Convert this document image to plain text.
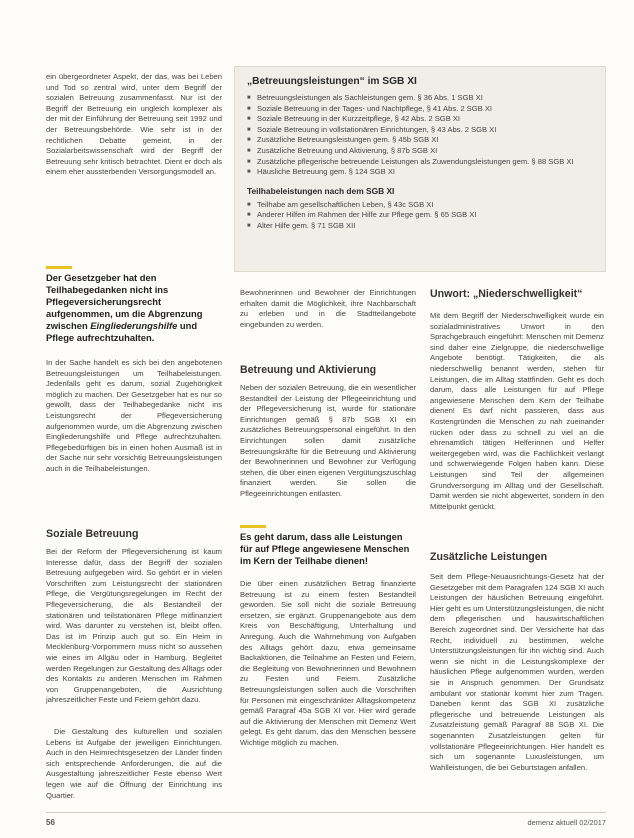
ein übergeordneter Aspekt, der das, was bei Leben und Tod so zentral wird, unter dem Begriff der sozialen Betreuung zusammenfasst. Nur ist der Begriff der Betreuung ein ungleich komplexer als der mit der Einführung der Betreuung seit 1992 und der Betreuungsbehörde. Wie sehr ist in der rechtlichen Debatte gemeint, in der Sozialarbeitswissenschaft wird der Begriff der Betreuung sehr kritisch betrachtet. Dient er doch als einem eher aussterbenden Versorgungsmodell an.

Der Gesetzgeber hat den Teilhabegedanken nicht ins Pflegeversicherungsrecht aufgenommen, um die Abgrenzung zwischen Eingliederungshilfe und Pflege aufrechtzuhalten.

In der Sache handelt es sich bei den angebotenen Betreuungsleistungen um Teilhabeleistungen. Jedenfalls geht es darum, sozial Zugehörigkeit möglich zu machen. Der Gesetzgeber hat es nur so gewollt, dass der Teilhabegedanke nicht ins Leistungsrecht der Pflegeversicherung aufgenommen wurde, um die Abgrenzung zwischen Eingliederungshilfe und Pflege aufrechtzuhalten. Pflegebedürftigen bis in einen hohen Ausmaß ist in der Sache nur sehr vorsichtig Betreuungsleistungen auch in die Teilhabeleistungen.

Soziale Betreuung

Bei der Reform der Pflegeversicherung ist kaum Interesse dafür, dass der Begriff der sozialen Betreuung aufgegeben wird. So gehört er in vielen Vorschriften zum Leistungsrecht der stationären Pflege, die Vergütungsregelungen im Recht der Pflegeversicherung, die als Bestandteil der stationären und teilstationären Pflege mitfinanziert wird. Was darunter zu verstehen ist, bleibt offen. Das ist im Prinzip auch gut so. Ein Heim in Mecklenburg-Vorpommern muss nicht so aussehen wie eines im Allgäu oder in Hamburg. Begleitet werden Regelungen zur Gestaltung des Alltags oder des Kontakts zu anderen Menschen im Rahmen von Gruppenangeboten, die Ausrichtung jahreszeitlicher Feste und Feiern gehört dazu.

Die Gestaltung des kulturellen und sozialen Lebens ist Aufgabe der jeweiligen Einrichtungen. Auch in den Heimrechtsgesetzen der Länder finden sich entsprechende Anforderungen, die auf die Ausgestaltung jahreszeitlicher Feste ebenso Wert legen wie auf die Öffnung der Einrichtung ins Quartier.

„Betreuungsleistungen“ im SGB XI
■ Betreuungsleistungen als Sachleistungen gem. § 36 Abs. 1 SGB XI
■ Soziale Betreuung in der Tages- und Nachtpflege, § 41 Abs. 2 SGB XI
■ Soziale Betreuung in der Kurzzeitpflege, § 42 Abs. 2 SGB XI
■ Soziale Betreuung in vollstationären Einrichtungen, § 43 Abs. 2 SGB XI
■ Zusätzliche Betreuungsleistungen gem. § 45b SGB XI
■ Zusätzliche Betreuung und Aktivierung, § 87b SGB XI
■ Zusätzliche pflegerische betreuende Leistungen als Zuwendungsleistungen gem. § 88 SGB XI
■ Häusliche Betreuung gem. § 124 SGB XI
Teilhabeleistungen nach dem SGB XI
■ Teilhabe am gesellschaftlichen Leben, § 43c SGB XI
■ Anderer Hilfen im Rahmen der Hilfe zur Pflege gem. § 65 SGB XI
■ Alter Hilfe gem. § 71 SGB XII

Bewohnerinnen und Bewohner der Einrichtungen erhalten damit die Möglichkeit, ihre Nachbarschaft zu erleben und in die Stadtteilangebote eingebunden zu werden.

Betreuung und Aktivierung

Neben der sozialen Betreuung, die ein wesentlicher Bestandteil der Leistung der Pflegeeinrichtung und der Pflegeversicherung ist, wurde für stationäre Einrichtungen gemäß § 87b SGB XI ein zusätzliches Betreuungspersonal eingeführt. In den Einrichtungen sollen damit zusätzliche Betreuungskräfte für die Betreuung und Aktivierung der Bewohnerinnen und Bewohner zur Verfügung stehen, die über einen eigenen Vergütungszuschlag finanziert werden. Sie sollen die Pflegeeinrichtungen entlasten.

Es geht darum, dass alle Leistungen für auf Pflege angewiesene Menschen im Kern der Teilhabe dienen!

Die über einen zusätzlichen Betrag finanzierte Betreuung ist zu einem festen Bestandteil geworden. Sie soll nicht die soziale Betreuung ersetzen, sie ergänzt. Gruppenangebote aus dem Kreis von Beschäftigung, Unterhaltung und Anregung. Auch die Wahrnehmung von Aufgaben des Alltags gehört dazu, etwa gemeinsame Backaktionen, die Teilnahme an Festen und Feiern, die Begleitung von Bewohnerinnen und Bewohnern zu Festen und Feiern. Zusätzliche Betreuungsleistungen sollen auch die Vorschriften für Personen mit eingeschränkter Alltagskompetenz gemäß Paragraf 45a SGB XI vor. Hier wird gerade auf die Aktivierung der Menschen mit Demenz Wert gelegt. Es geht darum, das den Menschen bessere Wichtige möglich zu machen.

Unwort: „Niederschwelligkeit“

Mit dem Begriff der Niederschwelligkeit wurde ein sozialadministratives Unwort in den Sprachgebrauch eingeführt: Menschen mit Demenz sind daher eine Zielgruppe, die niederschwellige Angebote benötigt. Tätigkeiten, die als niederschwellig benannt werden, stehen für Leistungen, die im Alltag stattfinden. Geht es doch darum, dass alle Leistungen für auf Pflege angewiesene Menschen dem Kern der Teilhabe dienen! Es darf nicht passieren, dass aus Kostengründen die Menschen zu nah zueinander rücken oder dass zu schnell zu viel an die ehrenamtlich tätigen Helferinnen und Helfer weitergegeben wird, was die Fachlichkeit verlangt und schwerwiegende Folgen haben kann. Diese Leistungen sind Teil der allgemeinen Grundversorgung im Alltag und der Gesellschaft. Damit werden sie nicht abgewertet, sondern in den Mittelpunkt gerückt.

Zusätzliche Leistungen

Seit dem Pflege-Neuausrichtungs-Gesetz hat der Gesetzgeber mit dem Paragrafen 124 SGB XI auch Leistungen der häuslichen Betreuung eingeführt. Hier geht es um Unterstützungsleistungen, die nicht dem pflegerischen und hauswirtschaftlichen Bereich zugeordnet sind. Der Versicherte hat das Recht, individuell zu bestimmen, welche Unterstützungsleistungen für ihn wichtig sind. Auch wenn sie nicht in die Leistungskomplexe der häuslichen Pflege aufgenommen wurden, werden sie in Anspruch genommen. Der Grundsatz ambulant vor stationär kommt hier zum Tragen. Daneben kennt das SGB XI zusätzliche pflegerische und betreuende Leistungen als Zusatzleistung gemäß Paragraf 88 SGB XI. Die sogenannten Zusatzleistungen gelten für vollstationäre Pflegeeinrichtungen. Hier handelt es sich um sogenannte Luxusleistungen, um Wahlleistungen, die bei Geburtstagen anfallen.

56	demenz aktuell 02/2017
